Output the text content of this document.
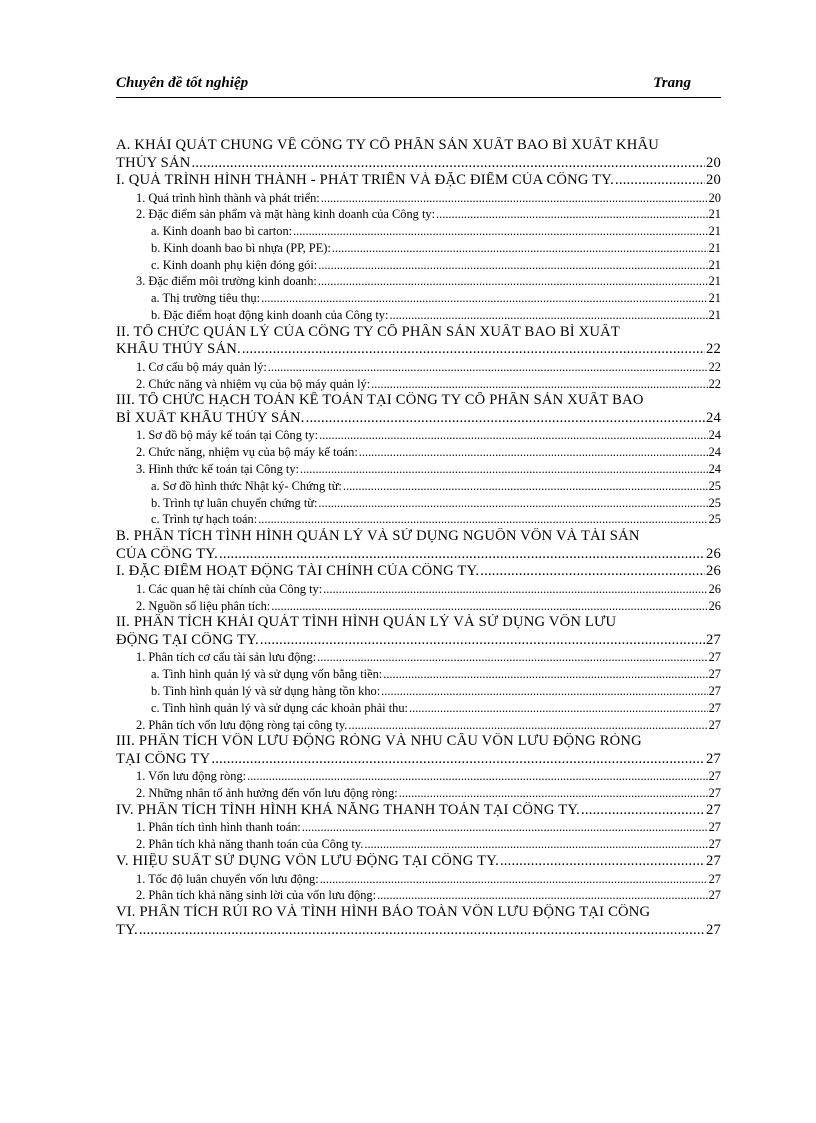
Chuyên đề tốt nghiệp	Trang
A. KHÁI QUÁT CHUNG VỀ CÔNG TY CỔ PHẦN SẢN XUẤT BAO BÌ XUẤT KHẨU
THỦY SẢN .....	20
I. QUÁ TRÌNH HÌNH THÀNH - PHÁT TRIỂN VÀ ĐẶC ĐIỂM CỦA CÔNG TY. .....	20
1. Quá trình hình thành và phát triển: .....	20
2. Đặc điểm sản phẩm và mặt hàng kinh doanh của Công ty: .....	21
a. Kinh doanh bao bì carton: .....	21
b. Kinh doanh bao bì nhựa (PP, PE): .....	21
c. Kinh doanh phụ kiện đóng gói: .....	21
3. Đặc điểm môi trường kinh doanh: .....	21
a. Thị trường tiêu thụ: .....	21
b. Đặc điểm hoạt động kinh doanh của Công ty: .....	21
II. TỔ CHỨC QUẢN LÝ CỦA CÔNG TY CỔ PHẦN SẢN XUẤT BAO BÌ XUẤT
KHẨU THỦY SẢN. .....	22
1. Cơ cấu bộ máy quản lý: .....	22
2. Chức năng và nhiệm vụ của bộ máy quản lý: .....	22
III. TỔ CHỨC HẠCH TOÁN KẾ TOÁN TẠI CÔNG TY CỔ PHẦN SẢN XUẤT BAO
BÌ XUẤT KHẨU THỦY SẢN. .....	24
1. Sơ đồ bộ máy kế toán tại Công ty: .....	24
2. Chức năng, nhiệm vụ của bộ máy kế toán: .....	24
3. Hình thức kế toán tại Công ty: .....	24
a. Sơ đồ hình thức Nhật ký- Chứng từ: .....	25
b. Trình tự luân chuyển chứng từ: .....	25
c. Trình tự hạch toán: .....	25
B. PHÂN TÍCH TÌNH HÌNH QUẢN LÝ VÀ SỬ DỤNG NGUỒN VỐN VÀ TÀI SẢN
CỦA CÔNG TY. .....	26
I. ĐẶC ĐIỂM HOẠT ĐỘNG TÀI CHÍNH CỦA CÔNG TY. .....	26
1. Các quan hệ tài chính của Công ty: .....	26
2. Nguồn số liệu phân tích: .....	26
II. PHÂN TÍCH KHÁI QUÁT TÌNH HÌNH QUẢN LÝ VÀ SỬ DỤNG VỐN LƯU
ĐỘNG TẠI CÔNG TY. .....	27
1. Phân tích cơ cấu tài sản lưu động: .....	27
a. Tình hình quản lý và sử dụng vốn bằng tiền: .....	27
b. Tình hình quản lý và sử dụng hàng tồn kho: .....	27
c. Tình hình quản lý và sử dụng các khoản phải thu: .....	27
2. Phân tích vốn lưu động ròng tại công ty. .....	27
III. PHÂN TÍCH VỐN LƯU ĐỘNG RÒNG VÀ NHU CẦU VỐN LƯU ĐỘNG RÒNG
TẠI CÔNG TY .....	27
1. Vốn lưu động ròng: .....	27
2. Những nhân tố ảnh hưởng đến vốn lưu động ròng: .....	27
IV. PHÂN TÍCH TÌNH HÌNH KHẢ NĂNG THANH TOÁN TẠI CÔNG TY. .....	27
1. Phân tích tình hình thanh toán: .....	27
2. Phân tích khả năng thanh toán của Công ty. .....	27
V. HIỆU SUẤT SỬ DỤNG VỐN LƯU ĐỘNG TẠI CÔNG TY. .....	27
1. Tốc độ luân chuyển vốn lưu động: .....	27
2. Phân tích khả năng sinh lời của vốn lưu động: .....	27
VI. PHÂN TÍCH RỦI RO VÀ TÌNH HÌNH BẢO TOÀN VỐN LƯU ĐỘNG TẠI CÔNG
TY. .....	27
